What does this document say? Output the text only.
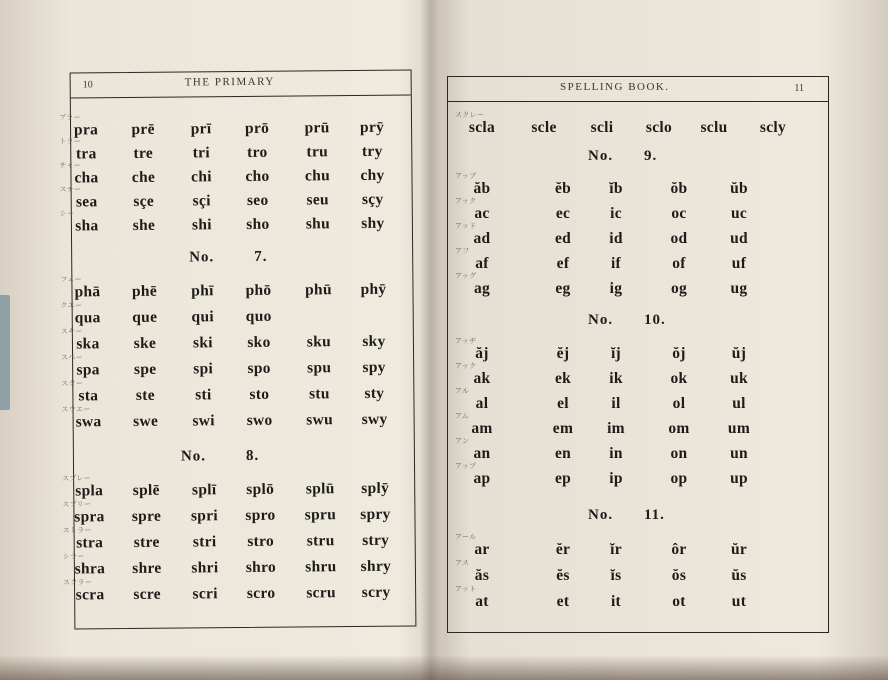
10	THE PRIMARY
プラー
pra	prē	prī	prō	prū	prȳ
トラー
tra	tre	tri	tro	tru	try
チャー
cha	che	chi	cho	chu	chy
スチー
sea	sçe	sçi	seo	seu	sçy
シー
sha	she	shi	sho	shu	shy
No.	7.
フェー
phā	phē	phī	phō	phū	phȳ
クエー
qua	que	qui	quo
スキー
ska	ske	ski	sko	sku	sky
スペー
spa	spe	spi	spo	spu	spy
スター
sta	ste	sti	sto	stu	sty
スウエー
swa	swe	swi	swo	swu	swy
No.	8.
スプレー
spla	splē	splī	splō	splū	splȳ
スプリー
spra	spre	spri	spro	spru	spry
ストラー
stra	stre	stri	stro	stru	stry
シラー
shra	shre	shri	shro	shru	shry
スクラー
scra	scre	scri	scro	scru	scry
SPELLING BOOK.	11
スクレー
scla	scle	scli	sclo	sclu	scly
No. 9.
アッブ
ăb	ĕb	ĭb	ŏb	ŭb
アック
ac	ec	ic	oc	uc
アッド
ad	ed	id	od	ud
アフ
af	ef	if	of	uf
アッグ
ag	eg	ig	og	ug
No. 10.
アッヂ
ăj	ĕj	ĭj	ŏj	ŭj
アック
ak	ek	ik	ok	uk
アル
al	el	il	ol	ul
アム
am	em	im	om	um
アン
an	en	in	on	un
アップ
ap	ep	ip	op	up
No. 11.
アール
ar	ĕr	ĭr	ôr	ŭr
アス
ăs	ĕs	ĭs	ŏs	ŭs
アット
at	et	it	ot	ut
